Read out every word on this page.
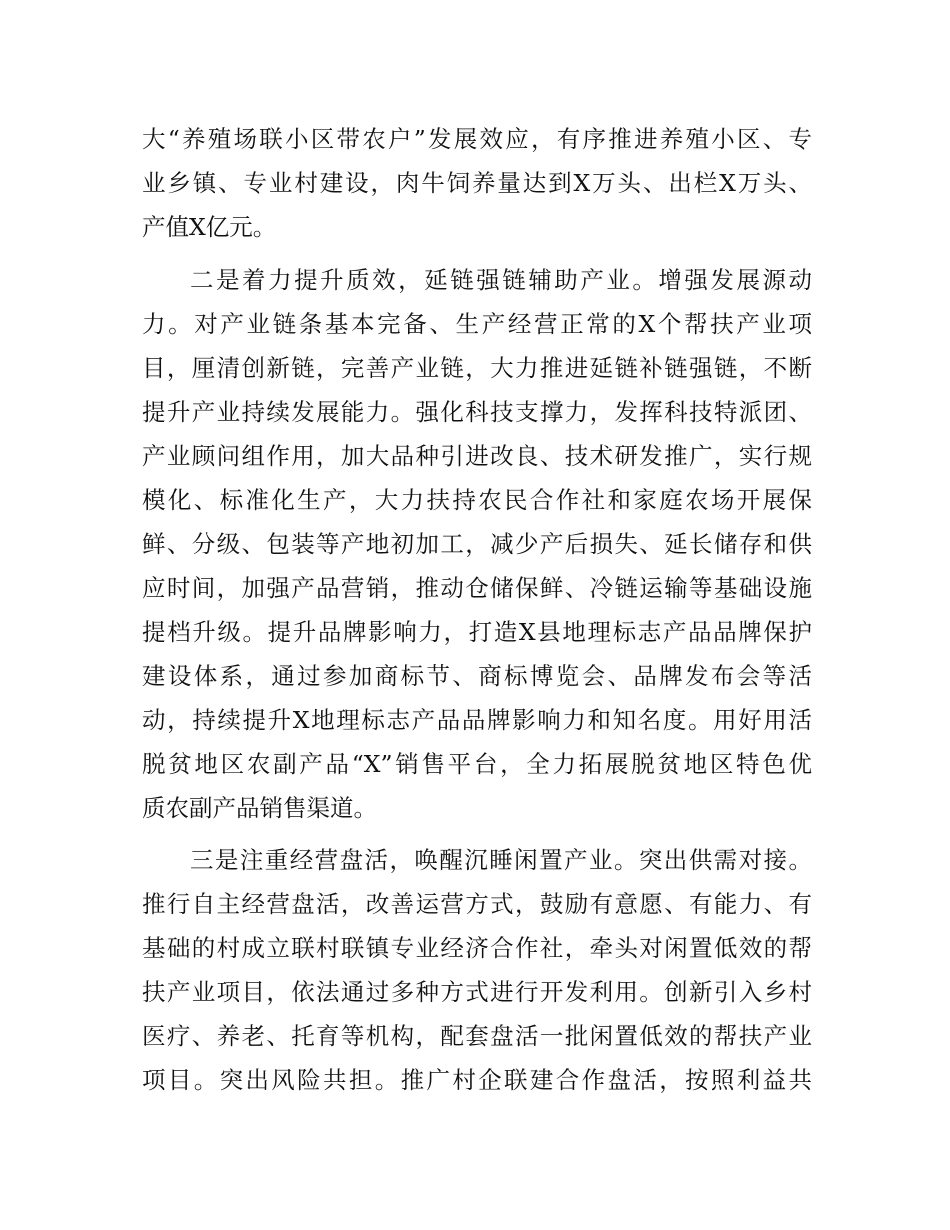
大“养殖场联小区带农户”发展效应，有序推进养殖小区、专
业乡镇、专业村建设，肉牛饲养量达到X万头、出栏X万头、
产值X亿元。
二是着力提升质效，延链强链辅助产业。增强发展源动
力。对产业链条基本完备、生产经营正常的X个帮扶产业项
目，厘清创新链，完善产业链，大力推进延链补链强链，不断
提升产业持续发展能力。强化科技支撑力，发挥科技特派团、
产业顾问组作用，加大品种引进改良、技术研发推广，实行规
模化、标准化生产，大力扶持农民合作社和家庭农场开展保
鲜、分级、包装等产地初加工，减少产后损失、延长储存和供
应时间，加强产品营销，推动仓储保鲜、冷链运输等基础设施
提档升级。提升品牌影响力，打造X县地理标志产品品牌保护
建设体系，通过参加商标节、商标博览会、品牌发布会等活
动，持续提升X地理标志产品品牌影响力和知名度。用好用活
脱贫地区农副产品“X”销售平台，全力拓展脱贫地区特色优
质农副产品销售渠道。
三是注重经营盘活，唤醒沉睡闲置产业。突出供需对接。
推行自主经营盘活，改善运营方式，鼓励有意愿、有能力、有
基础的村成立联村联镇专业经济合作社，牵头对闲置低效的帮
扶产业项目，依法通过多种方式进行开发利用。创新引入乡村
医疗、养老、托育等机构，配套盘活一批闲置低效的帮扶产业
项目。突出风险共担。推广村企联建合作盘活，按照利益共
